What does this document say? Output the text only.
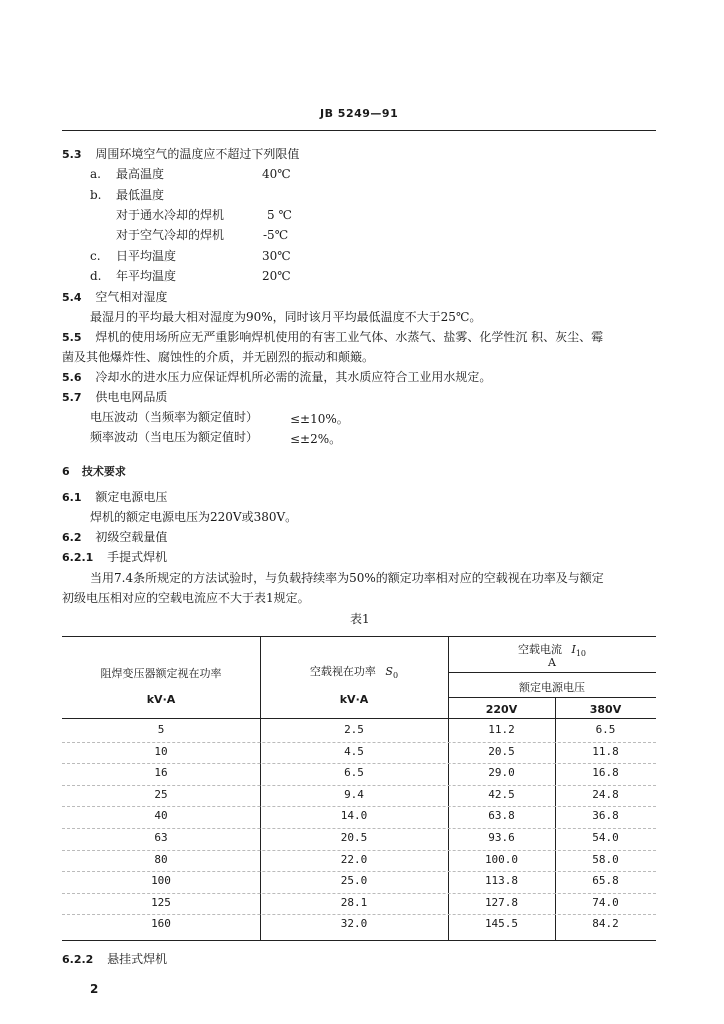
JB 5249—91
5.3 周围环境空气的温度应不超过下列限值
a. 最高温度	40℃
b. 最低温度
对于通水冷却的焊机	5 ℃
对于空气冷却的焊机	-5℃
c. 日平均温度	30℃
d. 年平均温度	20℃
5.4 空气相对湿度
最湿月的平均最大相对湿度为90%，同时该月平均最低温度不大于25℃。
5.5 焊机的使用场所应无严重影响焊机使用的有害工业气体、水蒸气、盐雾、化学性沉 积、灰尘、霉
菌及其他爆炸性、腐蚀性的介质，并无剧烈的振动和颠簸。
5.6 冷却水的进水压力应保证焊机所必需的流量，其水质应符合工业用水规定。
5.7 供电电网品质
电压波动（当频率为额定值时）	≤±10%。
频率波动（当电压为额定值时）	≤±2%。
6 技术要求
6.1 额定电源电压
焊机的额定电源电压为220V或380V。
6.2 初级空载量值
6.2.1 手提式焊机
当用7.4条所规定的方法试验时，与负载持续率为50%的额定功率相对应的空载视在功率及与额定
初级电压相对应的空载电流应不大于表1规定。
表1
阻焊变压器额定视在功率
kV·A
空载视在功率 $S_0$
kV·A
空载电流 $I_{10}$
A
额定电源电压
220V	380V
5	2.5	11.2	6.5
10	4.5	20.5	11.8
16	6.5	29.0	16.8
25	9.4	42.5	24.8
40	14.0	63.8	36.8
63	20.5	93.6	54.0
80	22.0	100.0	58.0
100	25.0	113.8	65.8
125	28.1	127.8	74.0
160	32.0	145.5	84.2
6.2.2 悬挂式焊机
2
